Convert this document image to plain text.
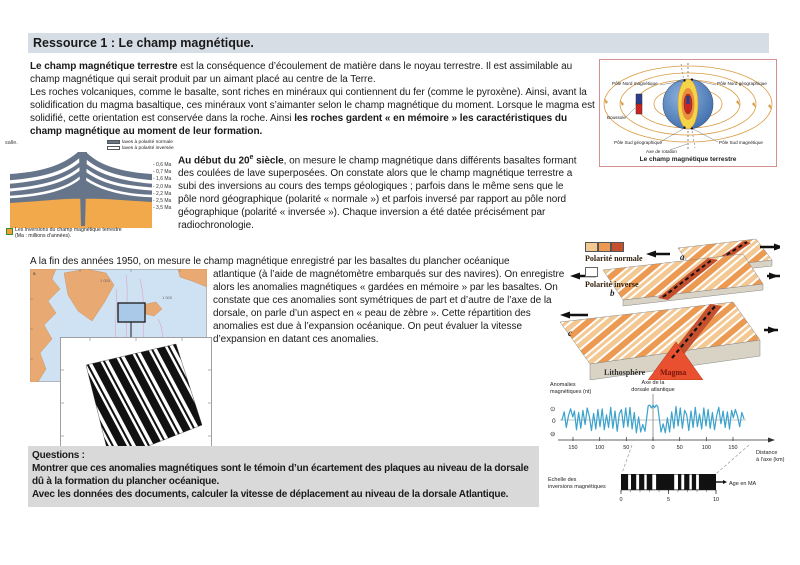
Ressource 1 : Le champ magnétique.
Le champ magnétique terrestre est la conséquence d’écoulement de matière dans le noyau terrestre. Il est assimilable au champ magnétique qui serait produit par un aimant placé au centre de la Terre.
Les roches volcaniques, comme le basalte, sont riches en minéraux qui contiennent du fer (comme le pyroxène). Ainsi, avant la solidification du magma basaltique, ces minéraux vont s’aimanter selon le champ magnétique du moment. Lorsque le magma est solidifié, cette orientation est conservée dans la roche. Ainsi les roches gardent « en mémoire » les caractéristiques du champ magnétique au moment de leur formation.
Pôle Nord magnétique	Pôle Nord géographique
Boussole
Pôle Sud géographique	Pôle Sud magnétique
Axe de rotation
Le champ magnétique terrestre
salle.	laves à polarité normale
laves à polarité inversée
- 0,6 Ma
- 0,7 Ma
- 1,6 Ma
- 2,0 Ma
- 2,2 Ma
- 2,5 Ma
- 3,5 Ma
Les inversions du champ magnétique terrestre
(Ma : millions d’années).
Au début du 20e siècle, on mesure le champ magnétique dans différents basaltes formant des coulées de lave superposées. On constate alors que le champ magnétique terrestre a subi des inversions au cours des temps géologiques ; parfois dans le même sens que le pôle nord géographique (polarité « normale ») et parfois inversé par rapport au pôle nord géographique (polarité « inversée »). Chaque inversion a été datée précisément par radiochronologie.
A la fin des années 1950, on mesure le champ magnétique enregistré par les basaltes du plancher océanique
atlantique (à l’aide de magnétomètre embarqués sur des navires). On enregistre alors les anomalies magnétiques « gardées en mémoire » par les basaltes. On constate que ces anomalies sont symétriques de part et d’autre de l’axe de la dorsale, on parle d’un aspect en « peau de zèbre ». Cette répartition des anomalies est due à l’expansion océanique. On peut évaluer la vitesse d’expansion en datant ces anomalies.
a
1 000
1 000
a
b
c
Lithosphère Magma
Polarité normale
Polarité inverse
Anomalies
magnétiques (nt)
Axe de la
dorsale atlantique
Distance
à l’axe (km)
Echelle des
inversions magnétiques	Age en MA
⊙
0
⊖
150	100	50	0	50	100	150
0	5	10
Questions :
Montrer que ces anomalies magnétiques sont le témoin d’un écartement des plaques au niveau de la dorsale dû à la formation du plancher océanique.
Avec les données des documents, calculer la vitesse de déplacement au niveau de la dorsale Atlantique.
